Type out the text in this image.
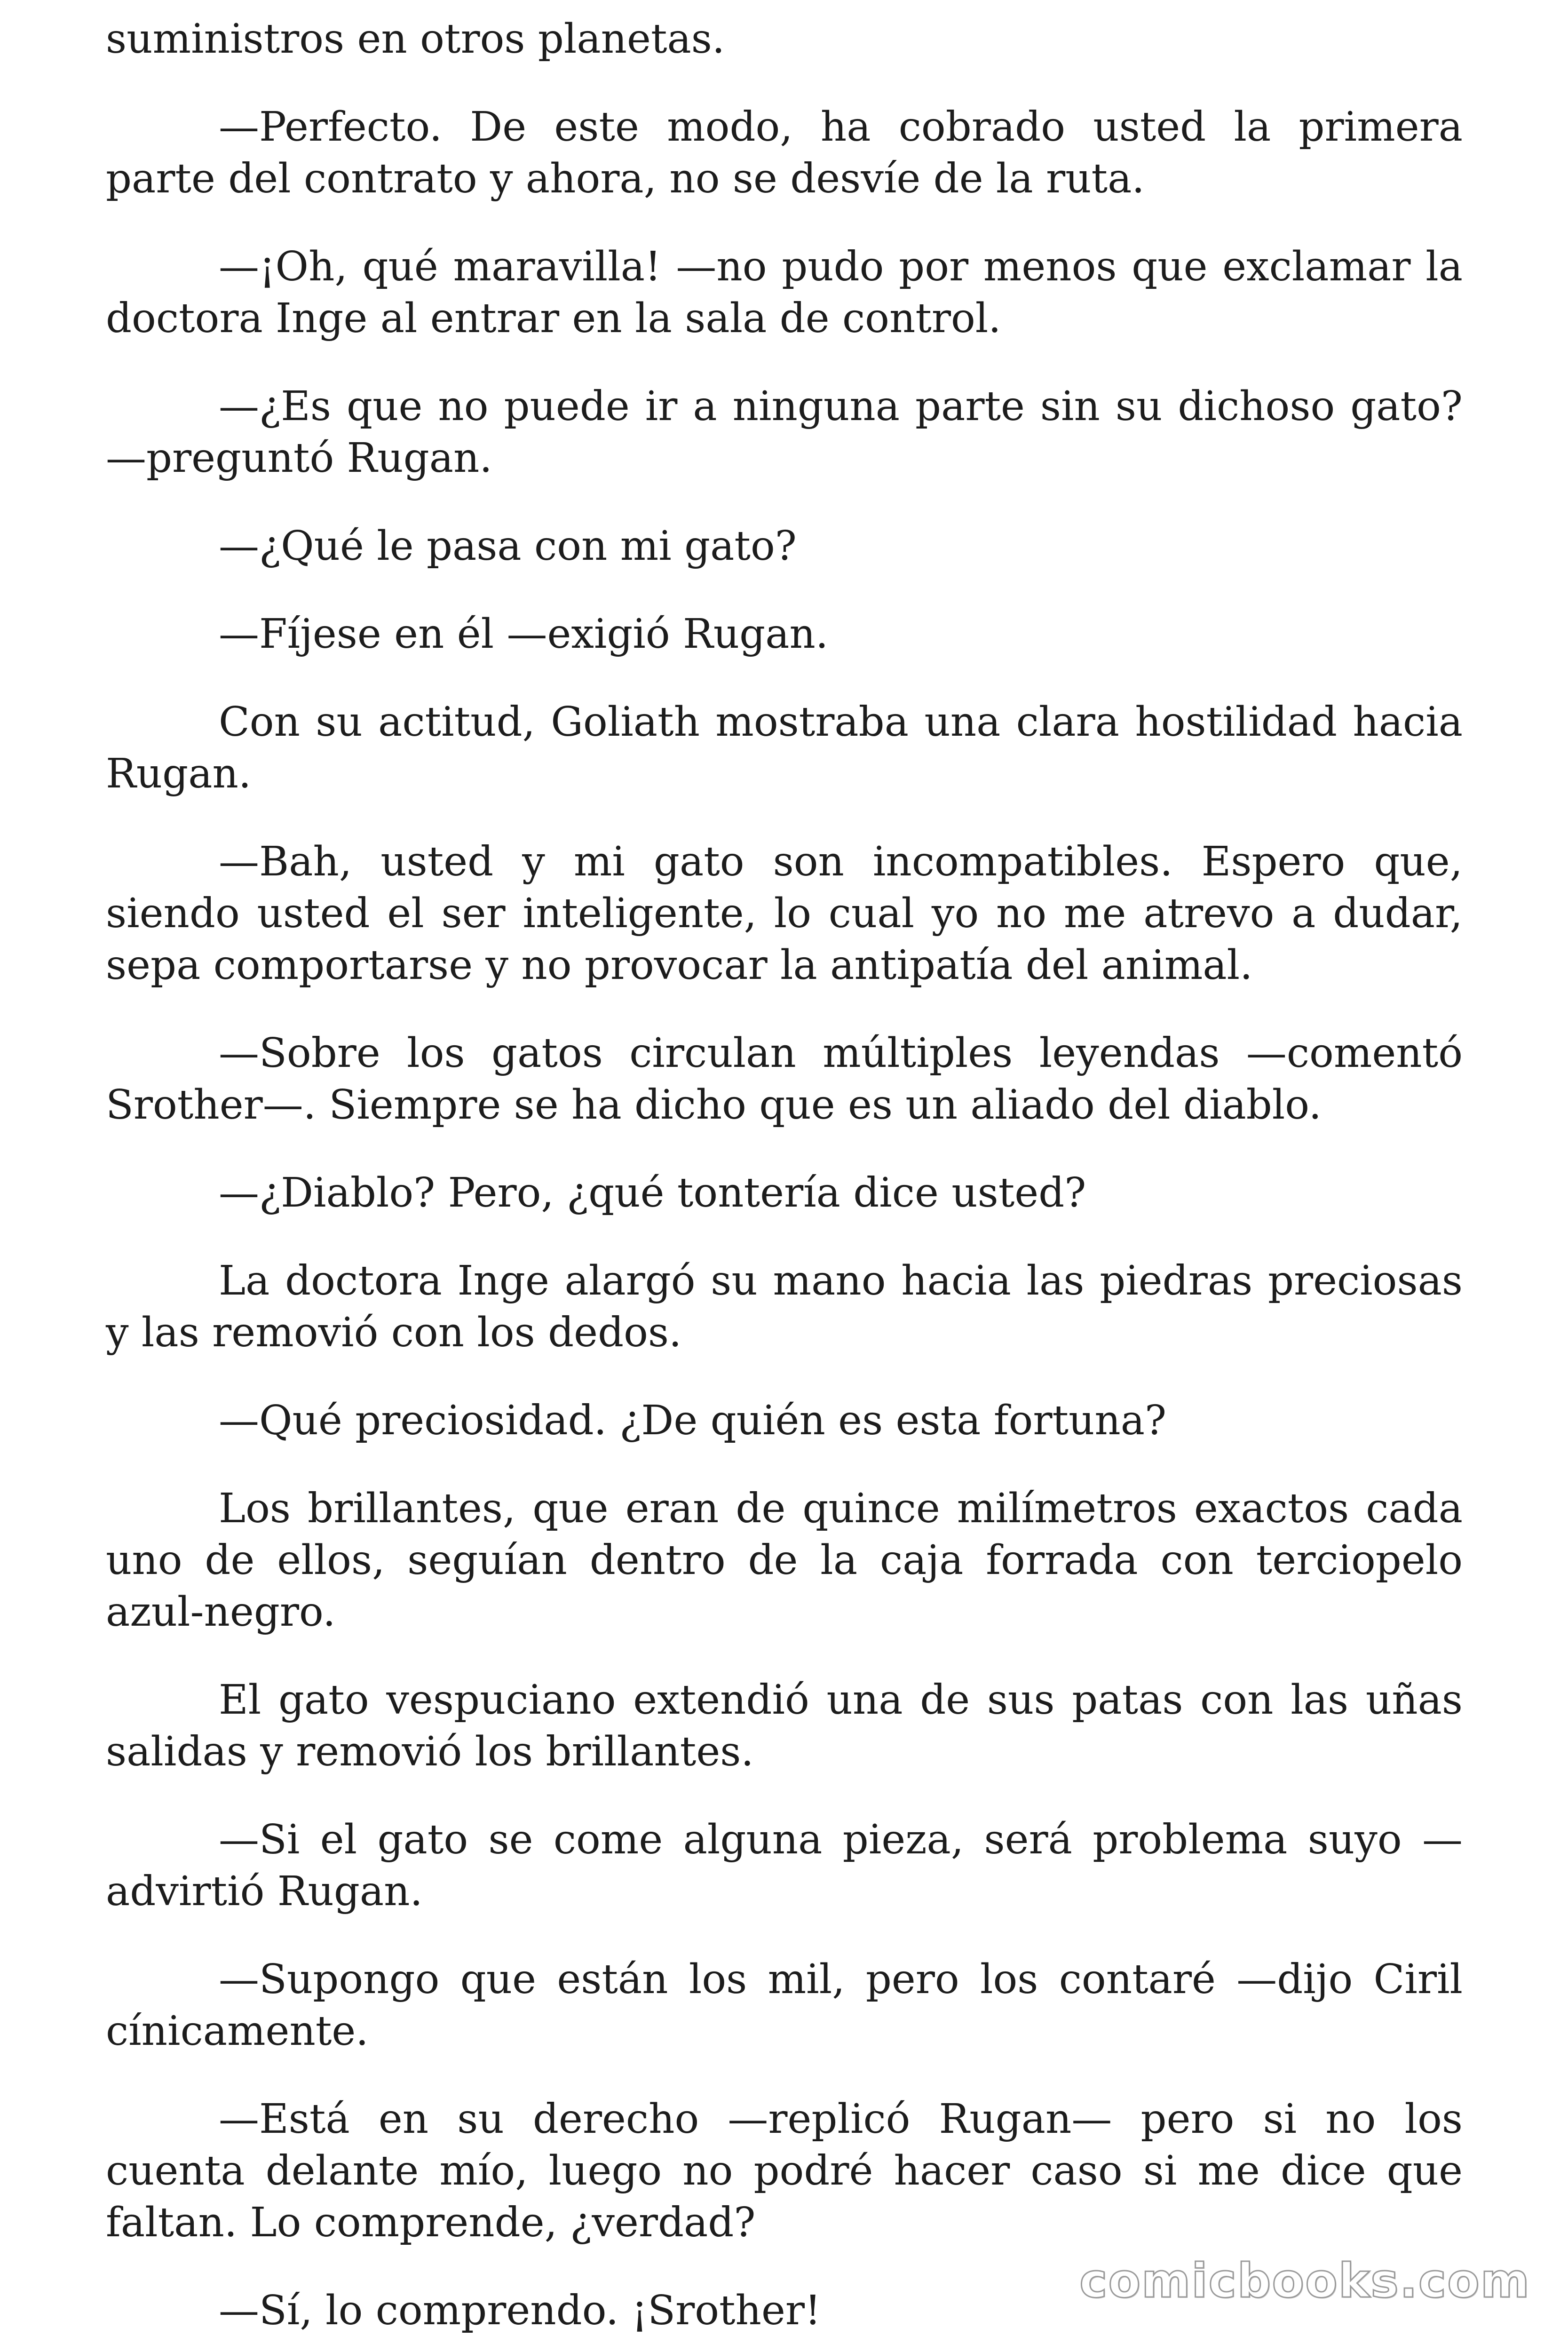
suministros en otros planetas.

—Perfecto. De este modo, ha cobrado usted la primera parte del contrato y ahora, no se desvíe de la ruta.

—¡Oh, qué maravilla! —no pudo por menos que exclamar la doctora Inge al entrar en la sala de control.

—¿Es que no puede ir a ninguna parte sin su dichoso gato? —preguntó Rugan.

—¿Qué le pasa con mi gato?

—Fíjese en él —exigió Rugan.

Con su actitud, Goliath mostraba una clara hostilidad hacia Rugan.

—Bah, usted y mi gato son incompatibles. Espero que, siendo usted el ser inteligente, lo cual yo no me atrevo a dudar, sepa comportarse y no provocar la antipatía del animal.

—Sobre los gatos circulan múltiples leyendas —comentó Srother—. Siempre se ha dicho que es un aliado del diablo.

—¿Diablo? Pero, ¿qué tontería dice usted?

La doctora Inge alargó su mano hacia las piedras preciosas y las removió con los dedos.

—Qué preciosidad. ¿De quién es esta fortuna?

Los brillantes, que eran de quince milímetros exactos cada uno de ellos, seguían dentro de la caja forrada con terciopelo azul-negro.

El gato vespuciano extendió una de sus patas con las uñas salidas y removió los brillantes.

—Si el gato se come alguna pieza, será problema suyo —advirtió Rugan.

—Supongo que están los mil, pero los contaré —dijo Ciril cínicamente.

—Está en su derecho —replicó Rugan— pero si no los cuenta delante mío, luego no podré hacer caso si me dice que faltan. Lo comprende, ¿verdad?

—Sí, lo comprendo. ¡Srother!

comicbooks.com
